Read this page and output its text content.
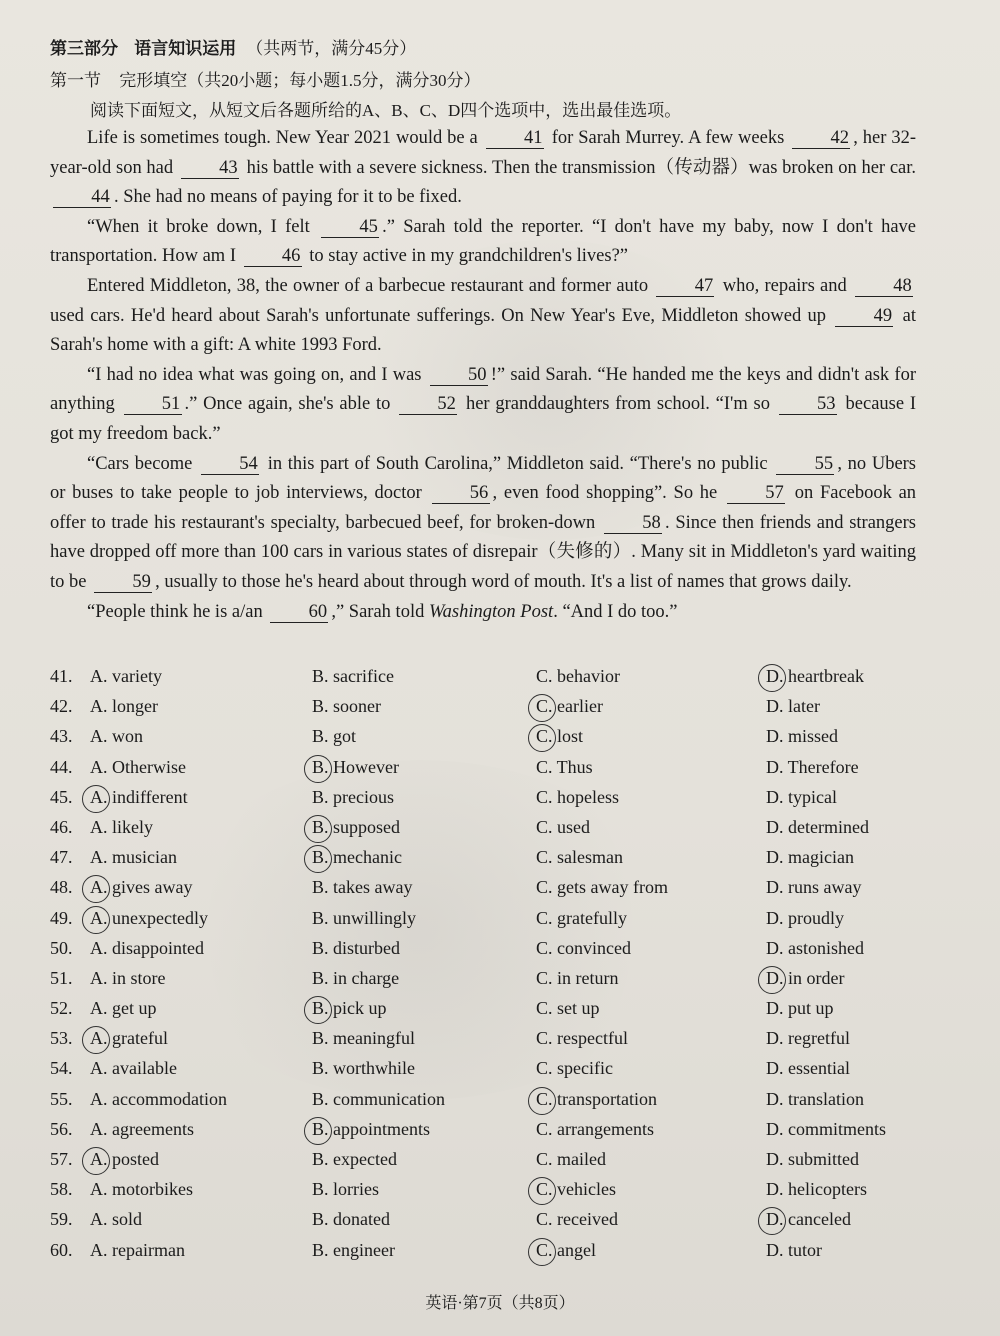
第三部分 语言知识运用 （共两节，满分45分）
第一节 完形填空（共20小题；每小题1.5分，满分30分）
阅读下面短文，从短文后各题所给的A、B、C、D四个选项中，选出最佳选项。

Life is sometimes tough. New Year 2021 would be a 41 for Sarah Murrey. A few weeks 42 , her 32-year-old son had 43 his battle with a severe sickness. Then the transmission（传动器）was broken on her car. 44 . She had no means of paying for it to be fixed.

“When it broke down, I felt	45 .” Sarah told the reporter. “I don't have my baby, now I don't have transportation. How am I 46 to stay active in my grandchildren's lives?”

Entered Middleton, 38, the owner of a barbecue restaurant and former auto	47 who, repairs and	48 used cars. He'd heard about Sarah's unfortunate sufferings. On New Year's Eve, Middleton showed up	49 at Sarah's home with a gift: A white 1993 Ford.

“I had no idea what was going on, and I was	50 !” said Sarah. “He handed me the keys and didn't ask for anything	51 .” Once again, she's able to	52 her granddaughters from school. “I'm so	53 because I got my freedom back.”

“Cars become	54 in this part of South Carolina,” Middleton said. “There's no public	55 , no Ubers or buses to take people to job interviews, doctor	56 , even food shopping”. So he	57 on Facebook an offer to trade his restaurant's specialty, barbecued beef, for broken-down	58 . Since then friends and strangers have dropped off more than 100 cars in various states of disrepair（失修的）. Many sit in Middleton's yard waiting to be 59 , usually to those he's heard about through word of mouth. It's a list of names that grows daily.

“People think he is a/an 60 ,” Sarah told Washington Post. “And I do too.”

41. A. variety	B. sacrifice	C. behavior	D. heartbreak
42. A. longer	B. sooner	C. earlier	D. later
43. A. won	B. got	C. lost	D. missed
44. A. Otherwise	B. However	C. Thus	D. Therefore
45. A. indifferent	B. precious	C. hopeless	D. typical
46. A. likely	B. supposed	C. used	D. determined
47. A. musician	B. mechanic	C. salesman	D. magician
48. A. gives away	B. takes away	C. gets away from	D. runs away
49. A. unexpectedly	B. unwillingly	C. gratefully	D. proudly
50. A. disappointed	B. disturbed	C. convinced	D. astonished
51. A. in store	B. in charge	C. in return	D. in order
52. A. get up	B. pick up	C. set up	D. put up
53. A. grateful	B. meaningful	C. respectful	D. regretful
54. A. available	B. worthwhile	C. specific	D. essential
55. A. accommodation	B. communication	C. transportation	D. translation
56. A. agreements	B. appointments	C. arrangements	D. commitments
57. A. posted	B. expected	C. mailed	D. submitted
58. A. motorbikes	B. lorries	C. vehicles	D. helicopters
59. A. sold	B. donated	C. received	D. canceled
60. A. repairman	B. engineer	C. angel	D. tutor
英语·第7页（共8页）
